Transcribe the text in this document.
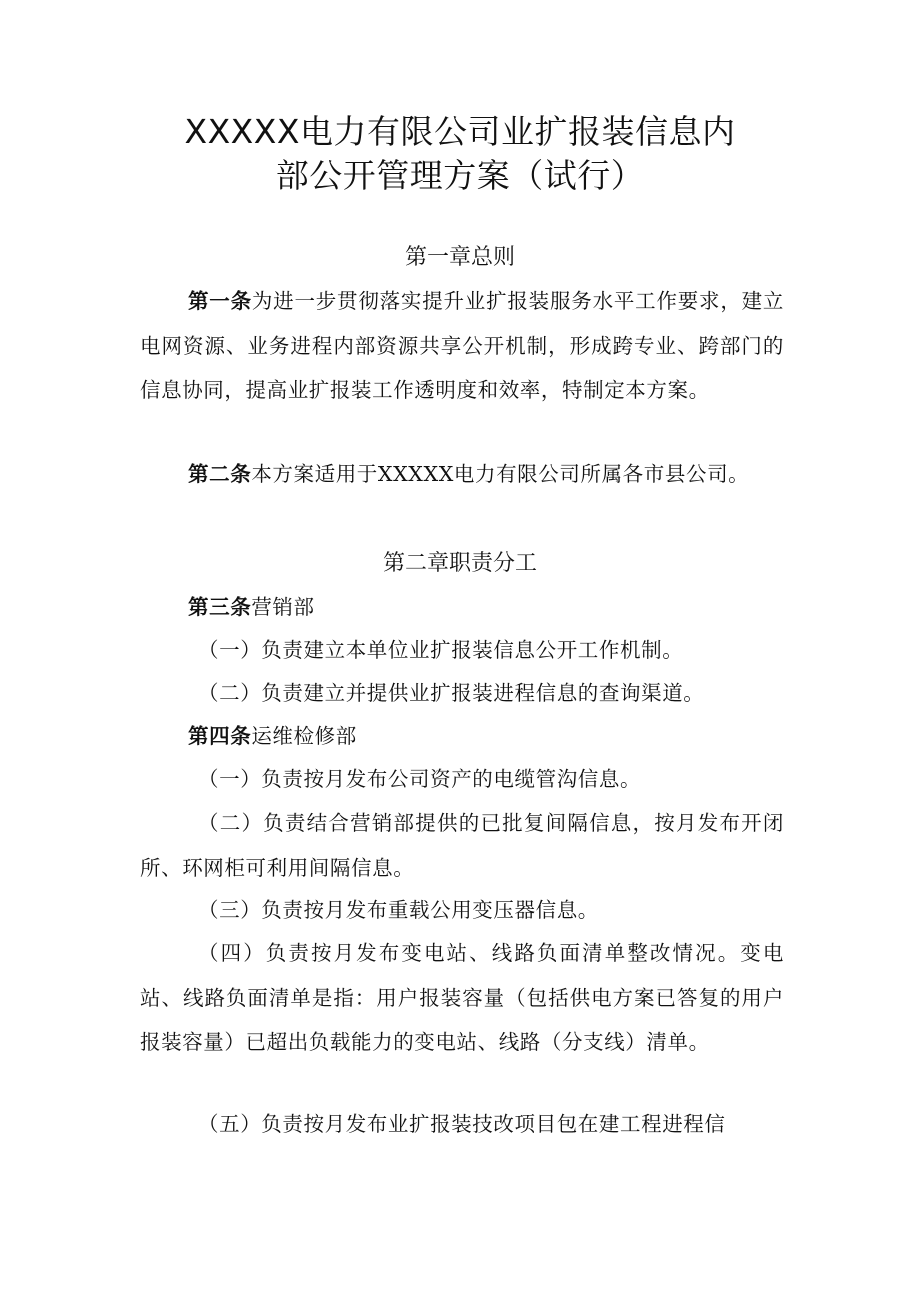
XXXXX电力有限公司业扩报装信息内
部公开管理方案（试行）
第一章总则

第一条为进一步贯彻落实提升业扩报装服务水平工作要求，建立电网资源、业务进程内部资源共享公开机制，形成跨专业、跨部门的信息协同，提高业扩报装工作透明度和效率，特制定本方案。

第二条本方案适用于XXXXX电力有限公司所属各市县公司。

第二章职责分工

第三条营销部

（一）负责建立本单位业扩报装信息公开工作机制。

（二）负责建立并提供业扩报装进程信息的查询渠道。

第四条运维检修部

（一）负责按月发布公司资产的电缆管沟信息。

（二）负责结合营销部提供的已批复间隔信息，按月发布开闭所、环网柜可利用间隔信息。

（三）负责按月发布重载公用变压器信息。

（四）负责按月发布变电站、线路负面清单整改情况。变电站、线路负面清单是指：用户报装容量（包括供电方案已答复的用户报装容量）已超出负载能力的变电站、线路（分支线）清单。

（五）负责按月发布业扩报装技改项目包在建工程进程信
